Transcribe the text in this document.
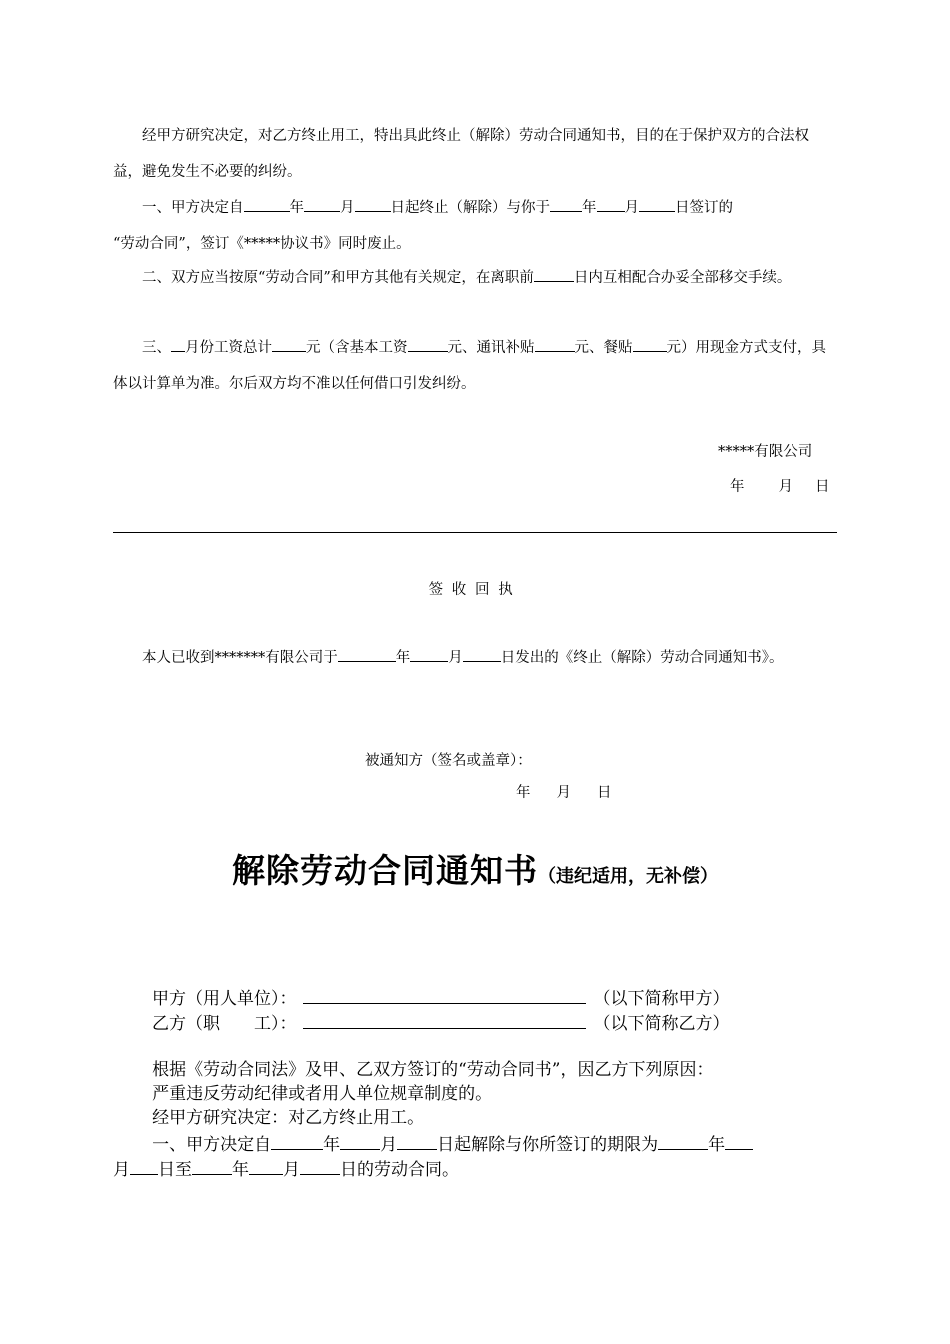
经甲方研究决定，对乙方终止用工，特出具此终止（解除）劳动合同通知书，目的在于保护双方的合法权益，避免发生不必要的纠纷。

一、甲方决定自	年 月 日起终止（解除）与你于 年 月 日签订的
“劳动合同”，签订《*****协议书》同时废止。

二、双方应当按原“劳动合同”和甲方其他有关规定，在离职前	日内互相配合办妥全部移交手续。

三、 月份工资总计 元（含基本工资	元、通讯补贴	元、餐贴 元）用现金方式支付，具体以计算单为准。尔后双方均不准以任何借口引发纠纷。

*****有限公司
年 月 日
签收回执

本人已收到*******有限公司于	年	月	日发出的《终止（解除）劳动合同通知书》。

被通知方（签名或盖章）：
年 月 日
解除劳动合同通知书（违纪适用，无补偿）
甲方（用人单位）：	（以下简称甲方）
乙方（职　　工）：	（以下简称乙方）

根据《劳动合同法》及甲、乙双方签订的“劳动合同书”，因乙方下列原因：

严重违反劳动纪律或者用人单位规章制度的。

经甲方研究决定：对乙方终止用工。

一、甲方决定自	年 月 日起解除与你所签订的期限为	年

月 日至 年 月 日的劳动合同。
